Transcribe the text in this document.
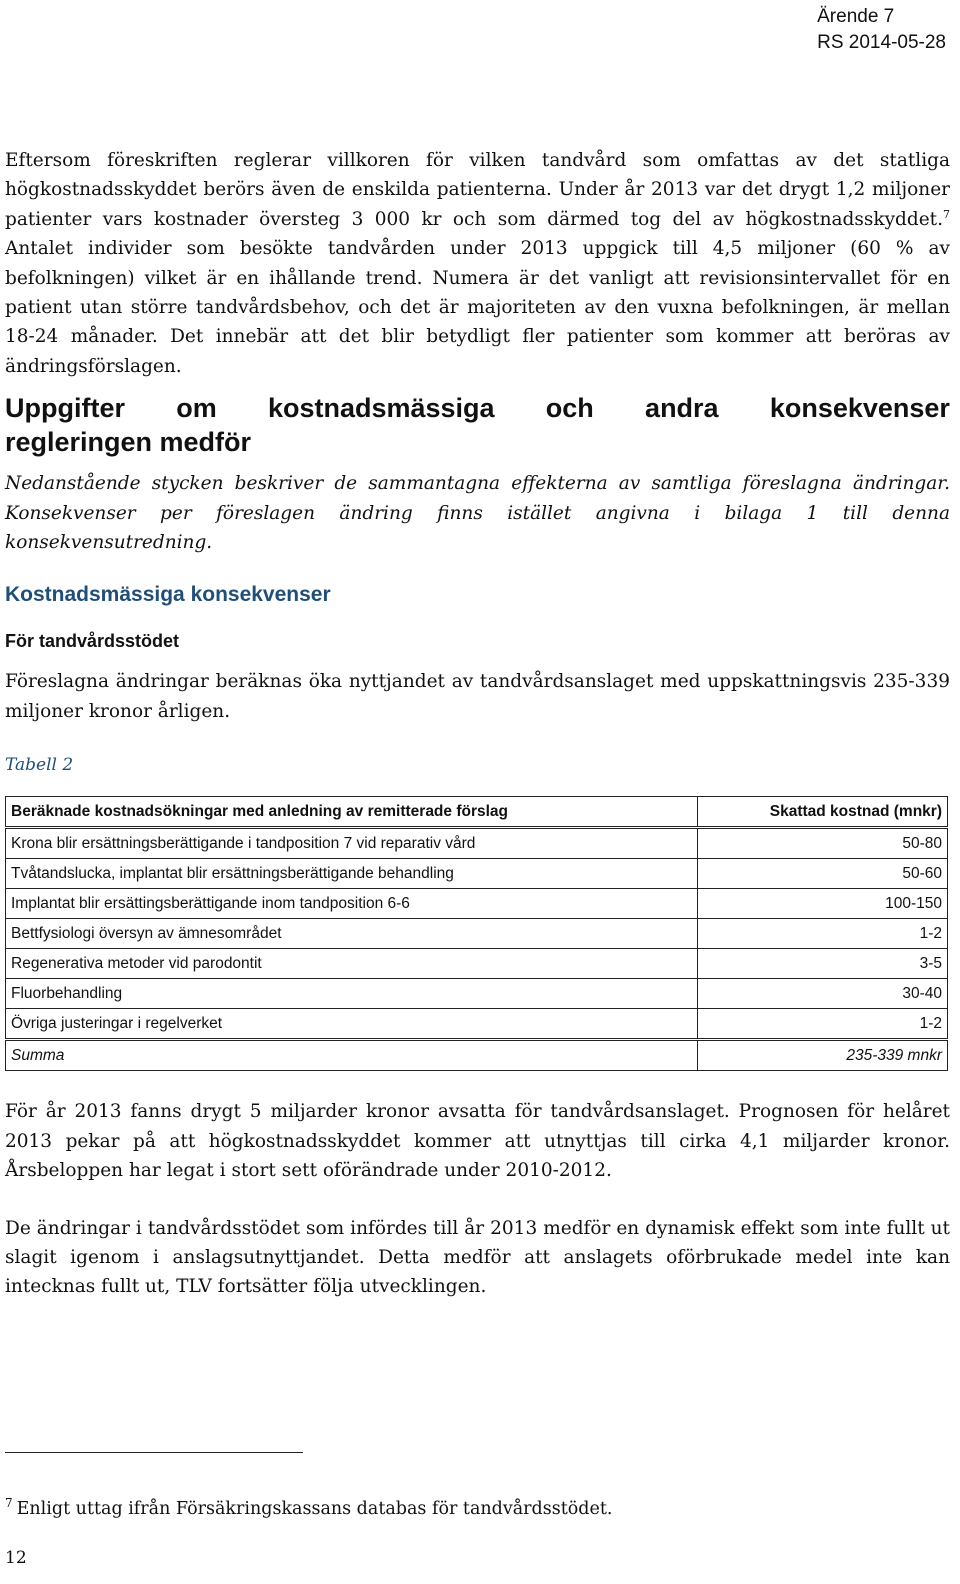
Ärende 7
RS 2014-05-28

Eftersom föreskriften reglerar villkoren för vilken tandvård som omfattas av det statliga högkostnadsskyddet berörs även de enskilda patienterna. Under år 2013 var det drygt 1,2 miljoner patienter vars kostnader översteg 3 000 kr och som därmed tog del av högkostnadsskyddet.$^7$ Antalet individer som besökte tandvården under 2013 uppgick till 4,5 miljoner (60 % av befolkningen) vilket är en ihållande trend. Numera är det vanligt att revisionsintervallet för en patient utan större tandvårdsbehov, och det är majoriteten av den vuxna befolkningen, är mellan 18-24 månader. Det innebär att det blir betydligt fler patienter som kommer att beröras av ändringsförslagen.

Uppgifter om kostnadsmässiga och andra konsekvenser
regleringen medför

Nedanstående stycken beskriver de sammantagna effekterna av samtliga föreslagna ändringar. Konsekvenser per föreslagen ändring finns istället angivna i bilaga 1 till denna konsekvensutredning.

Kostnadsmässiga konsekvenser
För tandvårdsstödet

Föreslagna ändringar beräknas öka nyttjandet av tandvårdsanslaget med uppskattningsvis 235-339 miljoner kronor årligen.

Tabell 2
Beräknade kostnadsökningar med anledning av remitterade förslag	Skattad kostnad (mnkr)
Krona blir ersättningsberättigande i tandposition 7 vid reparativ vård	50-80
Tvåtandslucka, implantat blir ersättningsberättigande behandling	50-60
Implantat blir ersättingsberättigande inom tandposition 6-6	100-150
Bettfysiologi översyn av ämnesområdet	1-2
Regenerativa metoder vid parodontit	3-5
Fluorbehandling	30-40
Övriga justeringar i regelverket	1-2
Summa	235-339 mnkr

För år 2013 fanns drygt 5 miljarder kronor avsatta för tandvårdsanslaget. Prognosen för helåret 2013 pekar på att högkostnadsskyddet kommer att utnyttjas till cirka 4,1 miljarder kronor. Årsbeloppen har legat i stort sett oförändrade under 2010-2012.

De ändringar i tandvårdsstödet som infördes till år 2013 medför en dynamisk effekt som inte fullt ut slagit igenom i anslagsutnyttjandet. Detta medför att anslagets oförbrukade medel inte kan intecknas fullt ut, TLV fortsätter följa utvecklingen.

$^7$ Enligt uttag ifrån Försäkringskassans databas för tandvårdsstödet.
12
